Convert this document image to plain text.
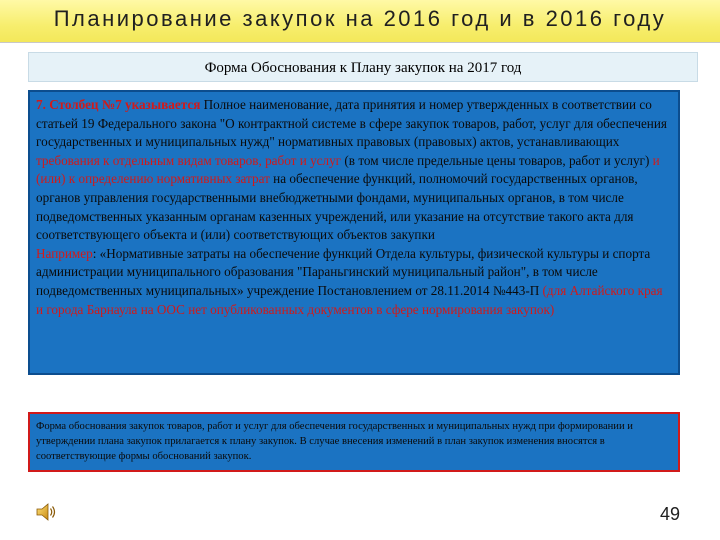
Планирование закупок на 2016 год и в 2016 году
Форма Обоснования к Плану закупок на 2017 год

7. Столбец №7 указывается Полное наименование, дата принятия и номер утвержденных в соответствии со статьей 19 Федерального закона "О контрактной системе в сфере закупок товаров, работ, услуг для обеспечения государственных и муниципальных нужд" нормативных правовых (правовых) актов, устанавливающих требования к отдельным видам товаров, работ и услуг (в том числе предельные цены товаров, работ и услуг) и (или) к определению нормативных затрат на обеспечение функций, полномочий государственных органов, органов управления государственными внебюджетными фондами, муниципальных органов, в том числе подведомственных указанным органам казенных учреждений, или указание на отсутствие такого акта для соответствующего объекта и (или) соответствующих объектов закупки

Например: «Нормативные затраты на обеспечение функций Отдела культуры, физической культуры и спорта администрации муниципального образования "Параньгинский муниципальный район", в том числе подведомственных муниципальных» учреждение Постановлением от 28.11.2014 №443-П (для Алтайского края и города Барнаула на ООС нет опубликованных документов в сфере нормирования закупок)

Форма обоснования закупок товаров, работ и услуг для обеспечения государственных и муниципальных нужд при формировании и утверждении плана закупок прилагается к плану закупок. В случае внесения изменений в план закупок изменения вносятся в соответствующие формы обоснований закупок.
49
